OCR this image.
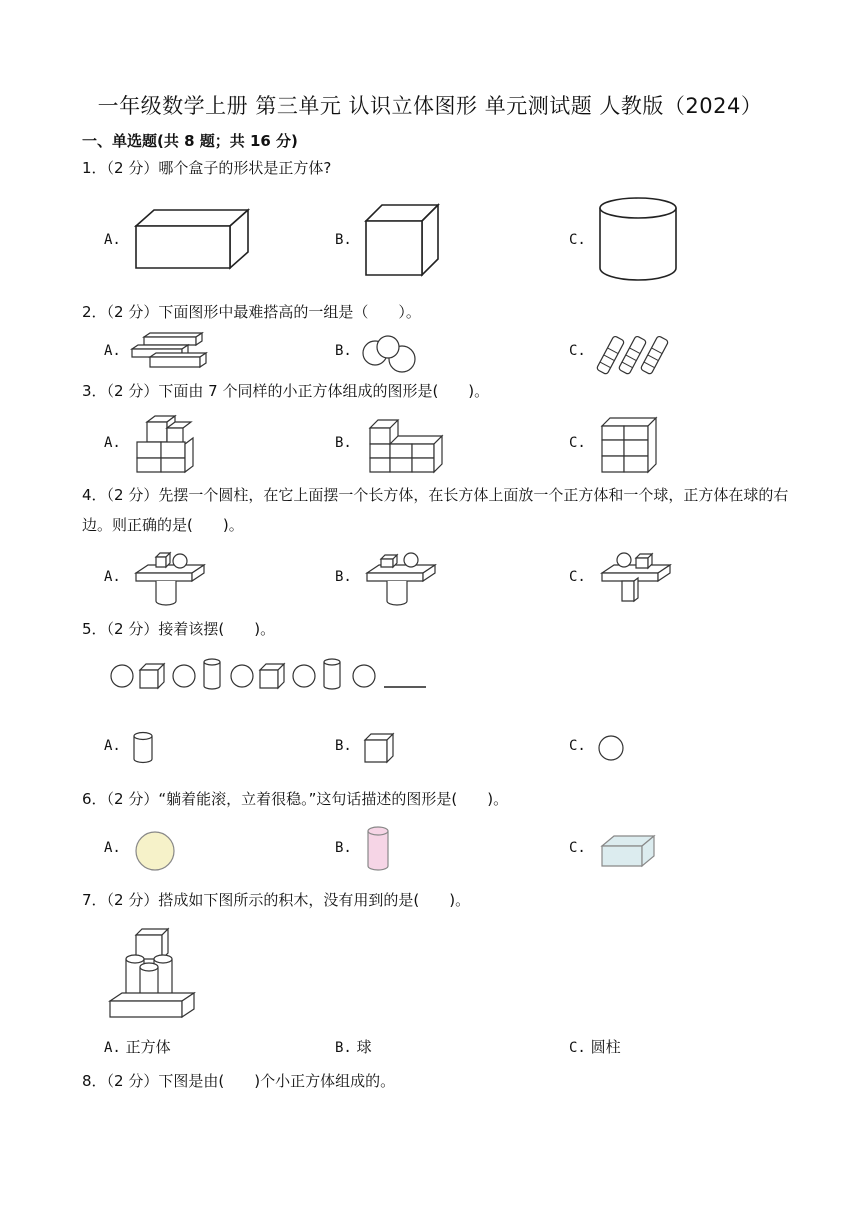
一年级数学上册 第三单元 认识立体图形 单元测试题 人教版（2024）
一、单选题(共 8 题；共 16 分)
1．（2 分）哪个盒子的形状是正方体?
A.	B.	C.
2．（2 分）下面图形中最难搭高的一组是（　　）。
A.	B.	C.
3．（2 分）下面由 7 个同样的小正方体组成的图形是(　　)。
A.	B.	C.
4．（2 分）先摆一个圆柱，在它上面摆一个长方体，在长方体上面放一个正方体和一个球，正方体在球的右边。则正确的是(　　)。
A.	B.	C.
5．（2 分）接着该摆(　　)。
A.	B.	C.
6．（2 分）“躺着能滚，立着很稳。”这句话描述的图形是(　　)。
A.	B.	C.
7．（2 分）搭成如下图所示的积木，没有用到的是(　　)。
A. 正方体	B. 球	C. 圆柱
8．（2 分）下图是由(　　)个小正方体组成的。
